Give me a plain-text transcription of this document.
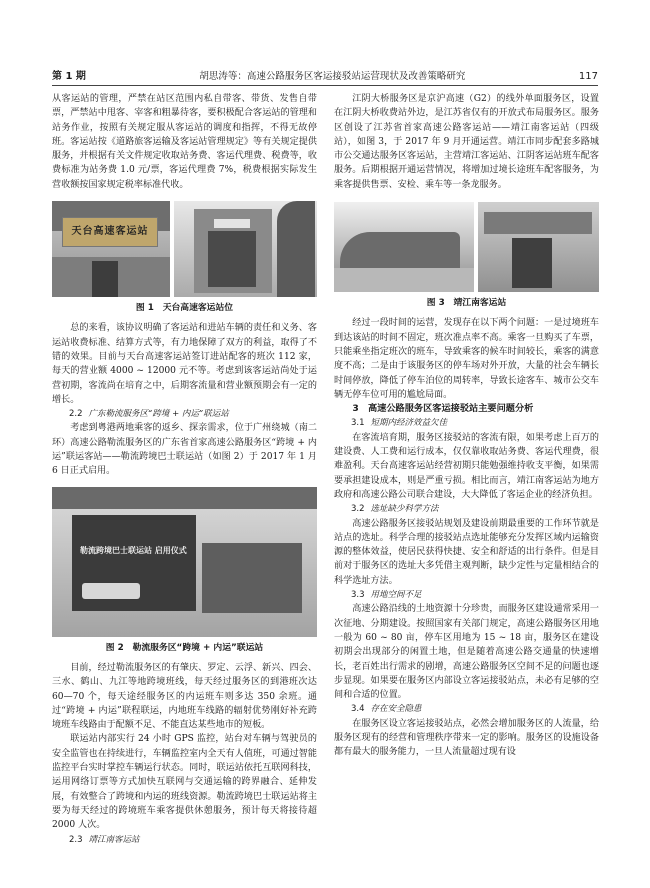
第 1 期	胡思涛等：高速公路服务区客运接驳站运营现状及改善策略研究	117

从客运站的管理，严禁在站区范围内私自带客、带货、发售自带票，严禁站中甩客、宰客和粗暴待客，要积极配合客运站的管理和站务作业，按照有关规定服从客运站的调度和指挥，不得无故停班。客运站按《道路旅客运输及客运站管理规定》等有关规定提供服务，并根据有关文件规定收取站务费、客运代理费、税费等，收费标准为站务费 1.0 元/票，客运代理费 7%，税费根据实际发生营收额按国家规定税率标准代收。

天台高速客运站
图 1　天台高速客运站位

总的来看，该协议明确了客运站和进站车辆的责任和义务、客运站收费标准、结算方式等，有力地保障了双方的利益，取得了不错的效果。目前与天台高速客运站签订进站配客的班次 112 家，每天的营业额 4000 ~ 12000 元不等。考虑到该客运站尚处于运营初期，客流尚在培育之中，后期客流量和营业额预期会有一定的增长。

2.2 广东勒流服务区“跨境 + 内运”联运站

考虑到粤港两地乘客的返乡、探亲需求，位于广州绕城（南二环）高速公路勒流服务区的广东省首家高速公路服务区“跨境 + 内运”联运客站——勒流跨境巴士联运站（如图 2）于 2017 年 1 月 6 日正式启用。

勒流跨境巴士联运站 启用仪式
图 2　勒流服务区“跨境 + 内运”联运站

目前，经过勒流服务区的有肇庆、罗定、云浮、新兴、四会、三水、鹤山、九江等地跨境班线，每天经过服务区的到港班次达 60—70 个，每天途经服务区的内运班车则多达 350 余班。通过“跨境 + 内运”联程联运，内地班车线路的辐射优势刚好补充跨境班车线路由于配额不足、不能直达某些地市的短板。

联运站内部实行 24 小时 GPS 监控，站台对车辆与驾驶员的安全监管也在持续进行，车辆监控室内全天有人值班，可通过智能监控平台实时掌控车辆运行状态。同时，联运站依托互联网科技，运用网络订票等方式加快互联网与交通运输的跨界融合、延伸发展，有效整合了跨境和内运的班线资源。勒流跨境巴士联运站将主要为每天经过的跨境班车乘客提供休憩服务，预计每天将接待超 2000 人次。

2.3 靖江南客运站

江阴大桥服务区是京沪高速（G2）的线外单面服务区，设置在江阴大桥收费站外边，是江苏省仅有的开放式布局服务区。服务区创设了江苏省首家高速公路客运站——靖江南客运站（四级站），如图 3，于 2017 年 9 月开通运营。靖江市同步配套多路城市公交通达服务区客运站，主营靖江客运站、江阴客运站班车配客服务。后期根据开通运营情况，将增加过境长途班车配客服务，为乘客提供售票、安检、乘车等一条龙服务。

图 3　靖江南客运站

经过一段时间的运营，发现存在以下两个问题：一是过境班车到达该站的时间不固定，班次准点率不高。乘客一旦购买了车票，只能乘坐指定班次的班车，导致乘客的候车时间较长，乘客的满意度不高；二是由于该服务区的停车场对外开放，大量的社会车辆长时间停放，降低了停车泊位的周转率，导致长途客车、城市公交车辆无停车位可用的尴尬局面。

3　高速公路服务区客运接驳站主要问题分析

3.1 短期内经济效益欠佳

在客流培育期，服务区接驳站的客流有限，如果考虑上百万的建设费、人工费和运行成本，仅仅靠收取站务费、客运代理费，很难盈利。天台高速客运站经营初期只能勉强维持收支平衡，如果需要承担建设成本，则是严重亏损。相比而言，靖江南客运站为地方政府和高速公路公司联合建设，大大降低了客运企业的经济负担。

3.2 选址缺少科学方法

高速公路服务区接驳站规划及建设前期最重要的工作环节就是站点的选址。科学合理的接驳站点选址能够充分发挥区域内运输资源的整体效益，使居民获得快捷、安全和舒适的出行条件。但是目前对于服务区的选址大多凭借主观判断，缺少定性与定量相结合的科学选址方法。

3.3 用地空间不足

高速公路沿线的土地资源十分珍贵，而服务区建设通常采用一次征地、分期建设。按照国家有关部门规定，高速公路服务区用地一般为 60 ~ 80 亩，停车区用地为 15 ~ 18 亩，服务区在建设初期会出现部分的闲置土地，但是随着高速公路交通量的快速增长，老百姓出行需求的剧增，高速公路服务区空间不足的问题也逐步显现。如果要在服务区内部设立客运接驳站点，未必有足够的空间和合适的位置。

3.4 存在安全隐患

在服务区设立客运接驳站点，必然会增加服务区的人流量，给服务区现有的经营和管理秩序带来一定的影响。服务区的设施设备都有最大的服务能力，一旦人流量超过现有设
